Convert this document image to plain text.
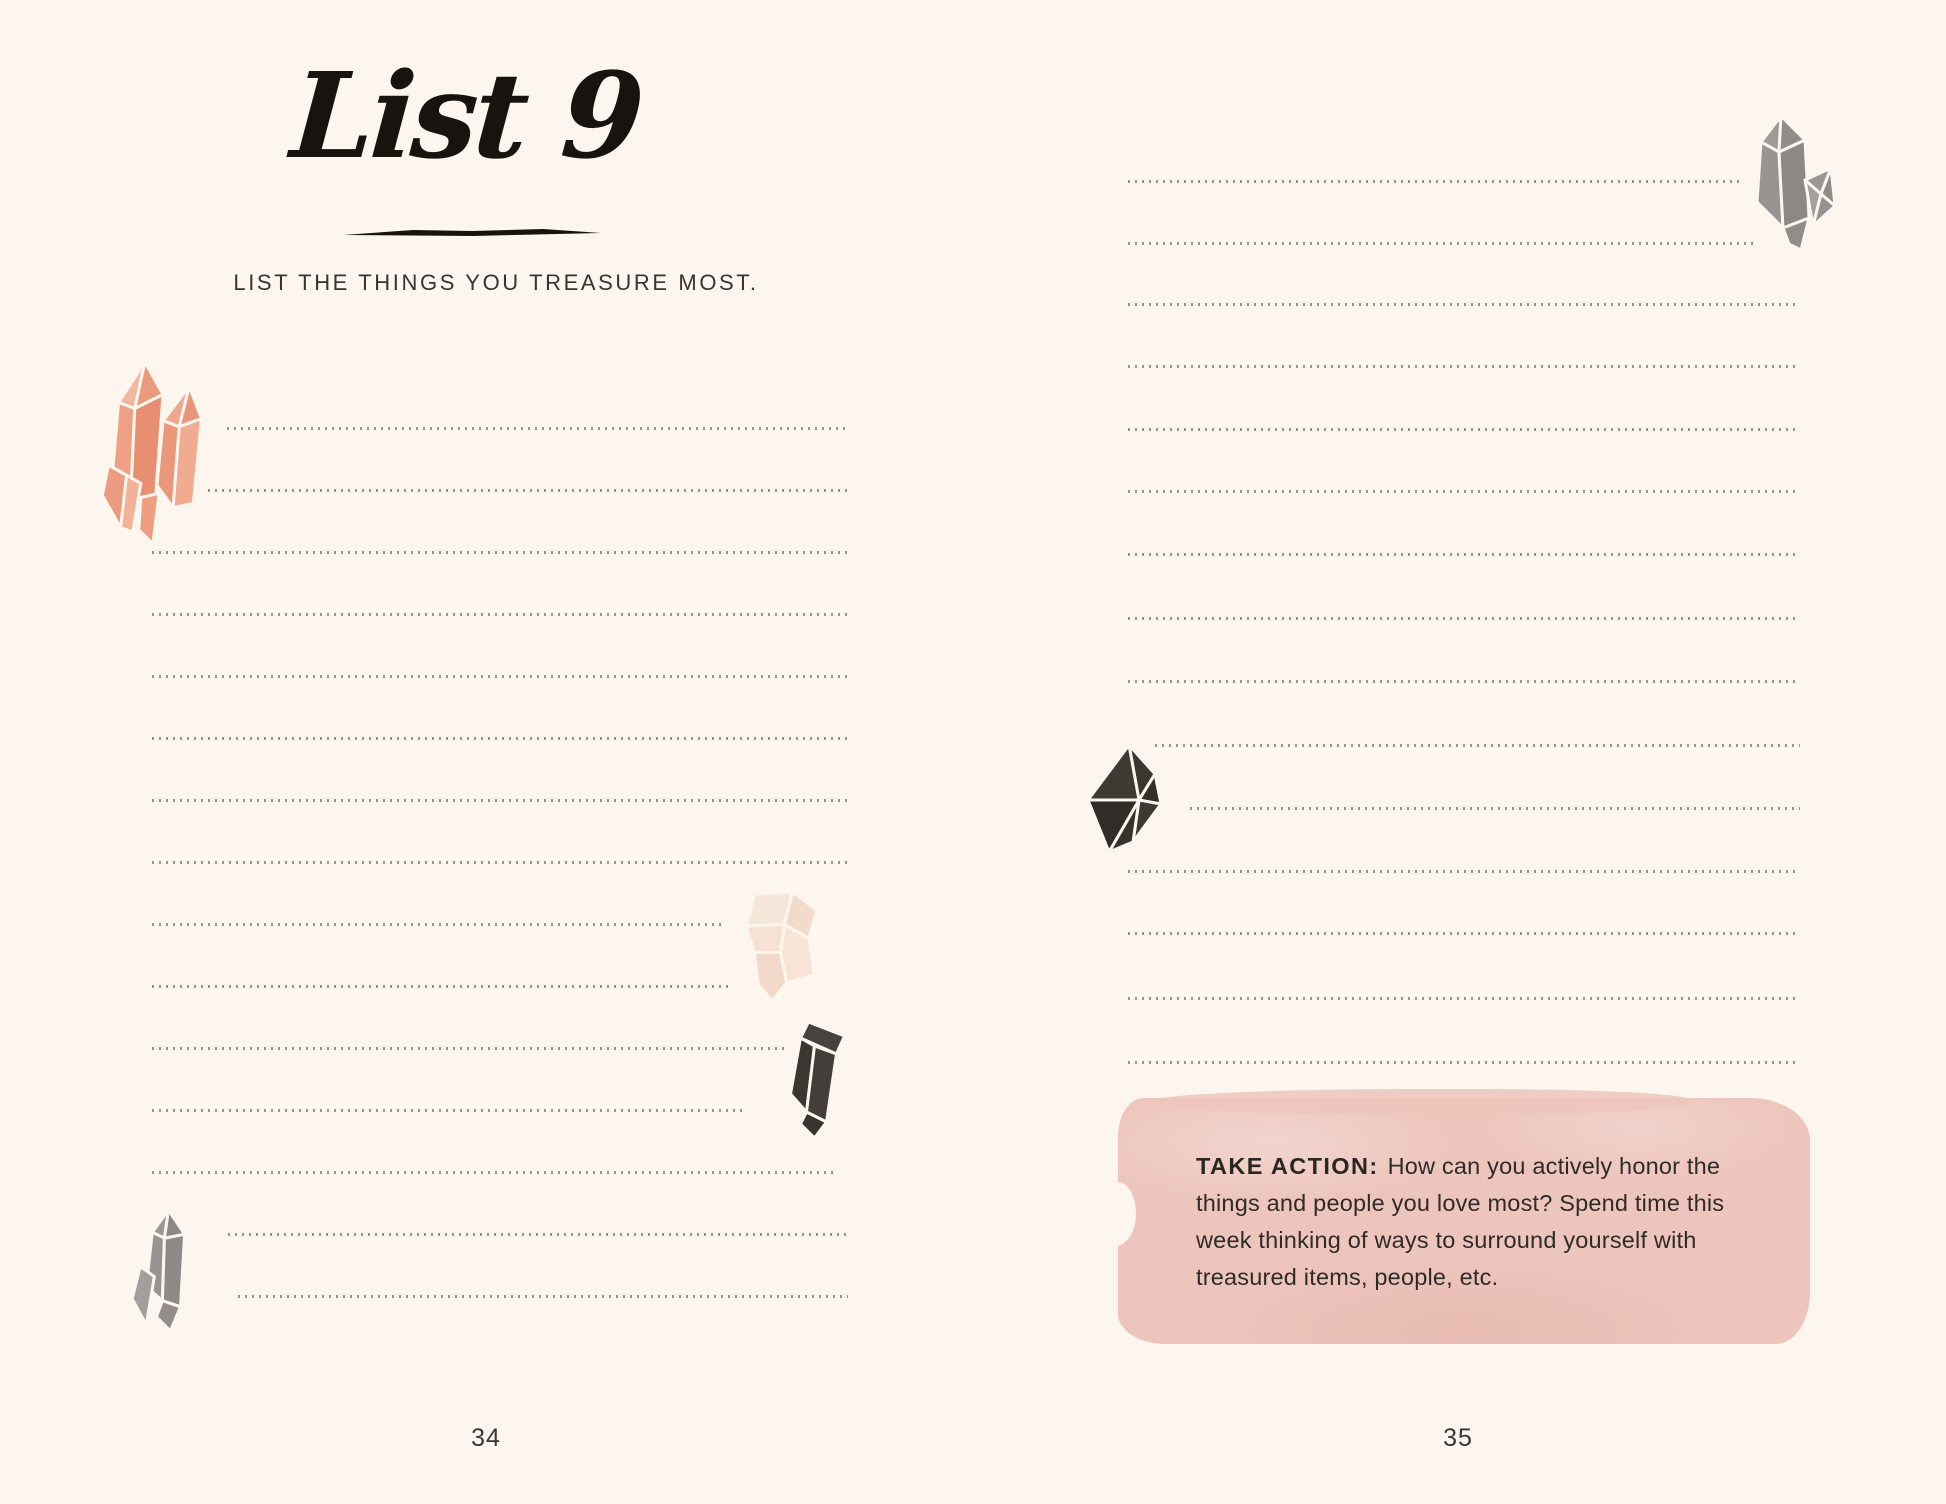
List 9
LIST THE THINGS YOU TREASURE MOST.
34

TAKE ACTION: How can you actively honor the things and people you love most? Spend time this week thinking of ways to surround yourself with treasured items, people, etc.

35
